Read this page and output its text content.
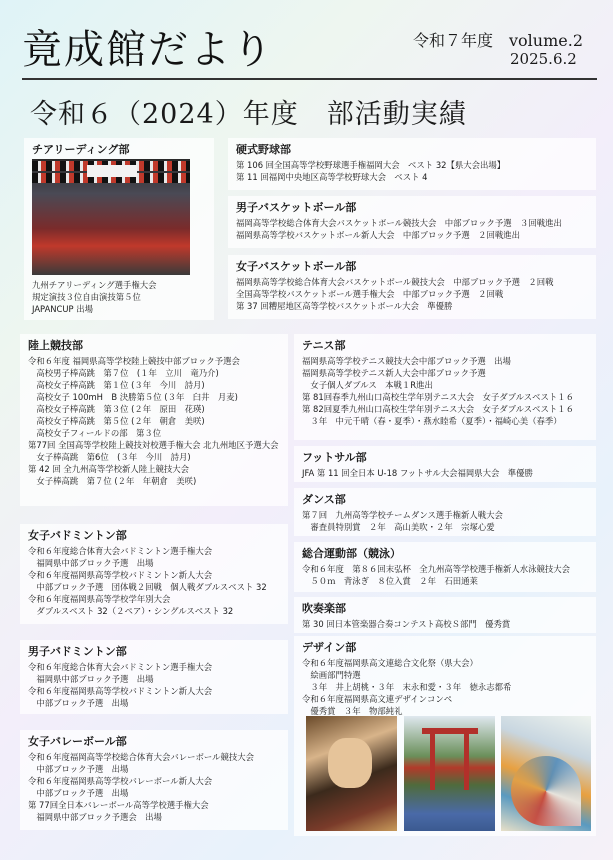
竟成館だより	令和７年度　volume.2
2025.6.2
令和６（2024）年度　部活動実績
チアリーディング部
九州チアリーディング選手権大会
規定演技３位自由演技第５位
JAPANCUP 出場
硬式野球部
第 106 回全国高等学校野球選手権福岡大会　ベスト 32【県大会出場】
第 11 回福岡中央地区高等学校野球大会　ベスト 4
男子バスケットボール部
福岡高等学校総合体育大会バスケットボール競技大会　中部ブロック予選　３回戦進出
福岡県高等学校バスケットボール新人大会　中部ブロック予選　２回戦進出
女子バスケットボール部
福岡県高等学校総合体育大会バスケットボール競技大会　中部ブロック予選　２回戦
全国高等学校バスケットボール選手権大会　中部ブロック予選　２回戦
第 37 回糟屋地区高等学校バスケットボール大会　準優勝
陸上競技部
令和６年度 福岡県高等学校陸上競技中部ブロック予選会
　高校男子棒高跳　第７位　(１年　立川　竜乃介)
　高校女子棒高跳　第１位 (３年　今川　詩月)
　高校女子 100mH　B 決勝第５位 (３年　臼井　月麦)
　高校女子棒高跳　第３位 (２年　原田　花瑛)
　高校女子棒高跳　第５位 (２年　朝倉　美咲)
　高校女子フィールドの部　第３位
第77回 全国高等学校陸上競技対校選手権大会 北九州地区予選大会
　女子棒高跳　第6位　(３年　今川　詩月)
第 42 回 全九州高等学校新人陸上競技大会
　女子棒高跳　第７位 (２年　年朝倉　美咲)
テニス部
福岡県高等学校テニス競技大会中部ブロック予選　出場
福岡県高等学校テニス新人大会中部ブロック予選
　女子個人ダブルス　本戦１R進出
第 81回春季九州山口高校生学年別テニス大会　女子ダブルスベスト１６
第 82回夏季九州山口高校生学年別テニス大会　女子ダブルスベスト１６
　３年　中元千晴（春・夏季）・燕水睦希（夏季）・福崎心美（春季）
フットサル部
JFA 第 11 回全日本 U-18 フットサル大会福岡県大会　準優勝
ダンス部
第７回　九州高等学校チームダンス選手権新人戦大会
　審査員特別賞　２年　高山美吹・２年　宗塚心愛
総合運動部（競泳）
令和６年度　第８６回末弘杯　全九州高等学校選手権新人水泳競技大会
　５０ｍ　背泳ぎ　８位入賞　２年　石田通莱
吹奏楽部
第 30 回日本管楽器合奏コンテスト高校Ｓ部門　優秀賞
女子バドミントン部
令和６年度総合体育大会バドミントン選手権大会
　福岡県中部ブロック予選　出場
令和６年度福岡県高等学校バドミントン新人大会
　中部ブロック予選　団体戦２回戦　個人戦ダブルスベスト 32
令和６年度福岡県高等学校学年別大会
　ダブルスベスト 32（２ペア）・シングルスベスト 32
男子バドミントン部
令和６年度総合体育大会バドミントン選手権大会
　福岡県中部ブロック予選　出場
令和６年度福岡県高等学校バドミントン新人大会
　中部ブロック予選　出場
女子バレーボール部
令和６年度福岡高等学校総合体育大会バレーボール競技大会
　中部ブロック予選　出場
令和６年度福岡県高等学校バレーボール新人大会
　中部ブロック予選　出場
第 77回全日本バレーボール高等学校選手権大会
　福岡県中部ブロック予選会　出場
デザイン部
令和６年度福岡県高文連総合文化祭（県大会）
　絵画部門特選
　３年　井上胡桃・３年　末永和愛・３年　徳永志都希
令和６年度福岡県高文連デザインコンペ
　優秀賞　３年　物部純礼
